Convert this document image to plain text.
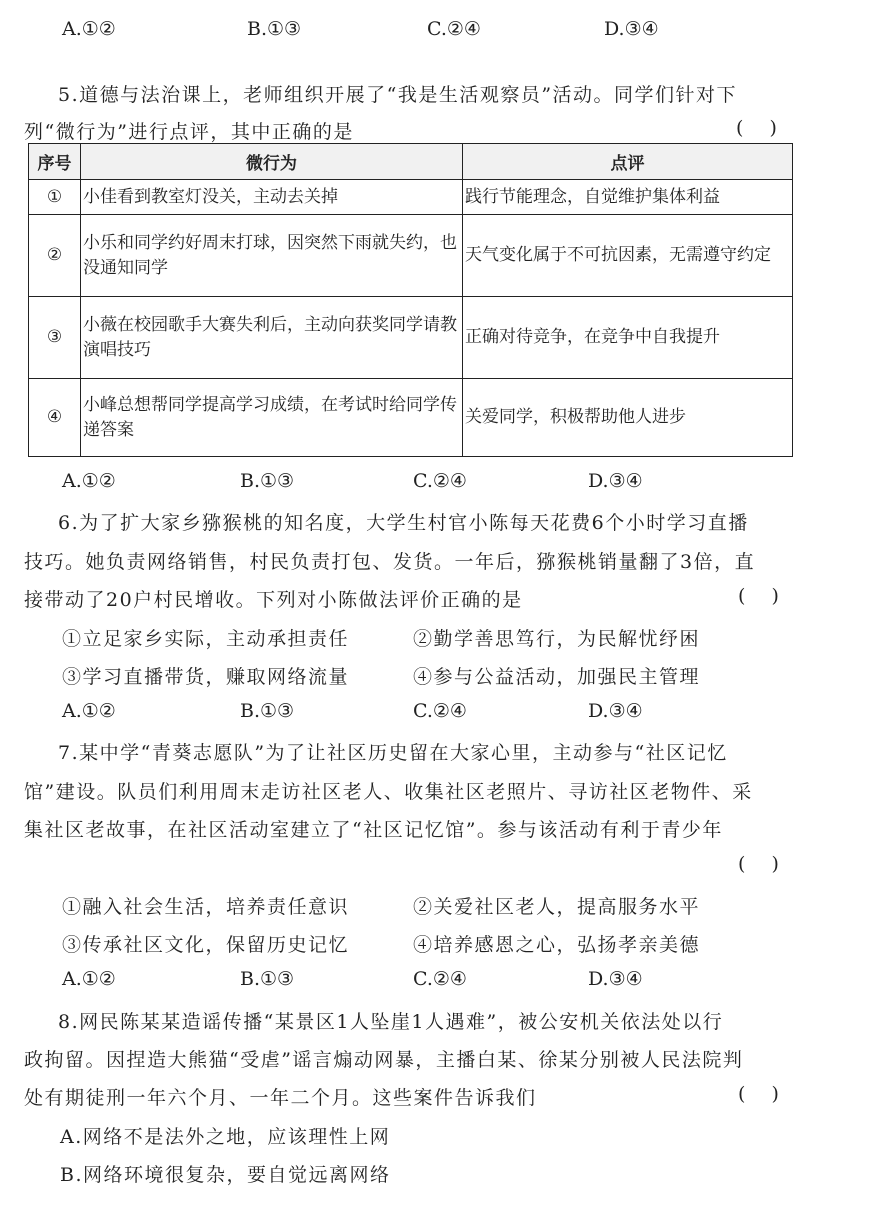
A.①②	B.①③	C.②④	D.③④
5.道德与法治课上，老师组织开展了“我是生活观察员”活动。同学们针对下
列“微行为”进行点评，其中正确的是	( )
序号	微行为	点评
①	小佳看到教室灯没关，主动去关掉	践行节能理念，自觉维护集体利益
②	小乐和同学约好周末打球，因突然下雨就失约，也没通知同学	天气变化属于不可抗因素，无需遵守约定
③	小薇在校园歌手大赛失利后，主动向获奖同学请教演唱技巧	正确对待竞争，在竞争中自我提升
④	小峰总想帮同学提高学习成绩，在考试时给同学传递答案	关爱同学，积极帮助他人进步
A.①②	B.①③	C.②④	D.③④
6.为了扩大家乡猕猴桃的知名度，大学生村官小陈每天花费6个小时学习直播
技巧。她负责网络销售，村民负责打包、发货。一年后，猕猴桃销量翻了3倍，直
接带动了20户村民增收。下列对小陈做法评价正确的是	( )
①立足家乡实际，主动承担责任	②勤学善思笃行，为民解忧纾困
③学习直播带货，赚取网络流量	④参与公益活动，加强民主管理
A.①②	B.①③	C.②④	D.③④
7.某中学“青葵志愿队”为了让社区历史留在大家心里，主动参与“社区记忆
馆”建设。队员们利用周末走访社区老人、收集社区老照片、寻访社区老物件、采
集社区老故事，在社区活动室建立了“社区记忆馆”。参与该活动有利于青少年
( )
①融入社会生活，培养责任意识	②关爱社区老人，提高服务水平
③传承社区文化，保留历史记忆	④培养感恩之心，弘扬孝亲美德
A.①②	B.①③	C.②④	D.③④
8.网民陈某某造谣传播“某景区1人坠崖1人遇难”，被公安机关依法处以行
政拘留。因捏造大熊猫“受虐”谣言煽动网暴，主播白某、徐某分别被人民法院判
处有期徒刑一年六个月、一年二个月。这些案件告诉我们	( )
A.网络不是法外之地，应该理性上网
B.网络环境很复杂，要自觉远离网络
